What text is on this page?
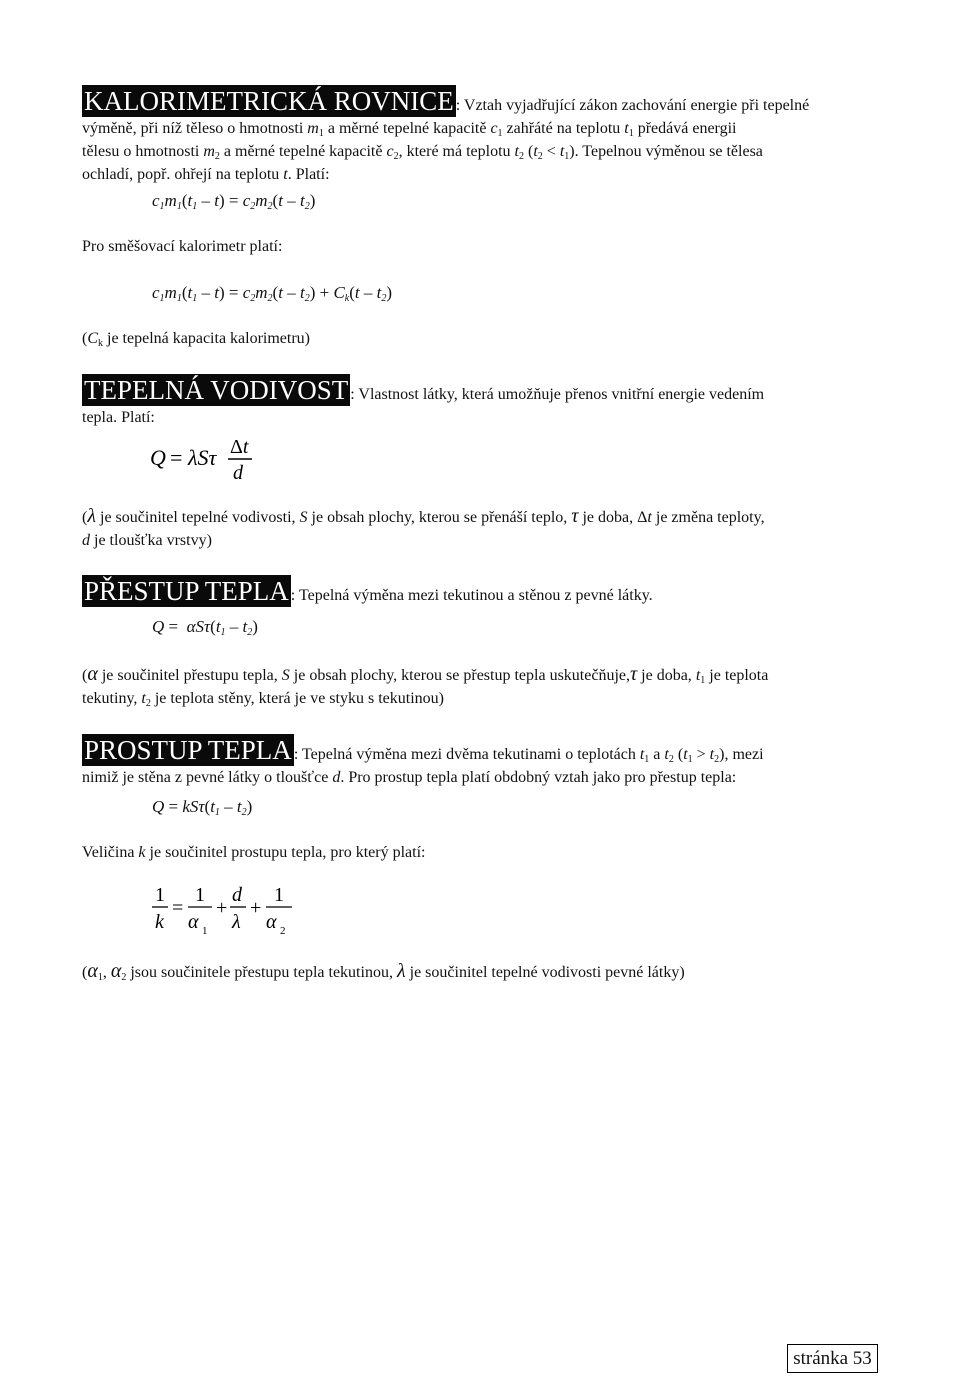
KALORIMETRICKÁ ROVNICE : Vztah vyjadřující zákon zachování energie při tepelné
výměně, při níž těleso o hmotnosti $m_1$ a měrné tepelné kapacitě $c_1$ zahřáté na teplotu $t_1$ předává energii
tělesu o hmotnosti $m_2$ a měrné tepelné kapacitě $c_2$, které má teplotu $t_2$ $(t_2 < t_1)$. Tepelnou výměnou se tělesa
ochladí, popř. ohřejí na teplotu t. Platí:
$c_1m_1(t_1 - t) = c_2m_2(t - t_2)$
Pro směšovací kalorimetr platí:
$c_1m_1(t_1 - t) = c_2m_2(t - t_2) + C_k(t - t_2)$
($C_k$ je tepelná kapacita kalorimetru)
TEPELNÁ VODIVOST : Vlastnost látky, která umožňuje přenos vnitřní energie vedením
tepla. Platí:
Q = λSτ Δt
d
(λ je součinitel tepelné vodivosti, S je obsah plochy, kterou se přenáší teplo, τ je doba, Δt je změna teploty,
d je tloušťka vrstvy)
PŘESTUP TEPLA : Tepelná výměna mezi tekutinou a stěnou z pevné látky.
$Q = \alpha S\tau(t_1 - t_2)$
(α je součinitel přestupu tepla, S je obsah plochy, kterou se přestup tepla uskutečňuje,τ je doba, $t_1$ je teplota
tekutiny, $t_2$ je teplota stěny, která je ve styku s tekutinou)
PROSTUP TEPLA : Tepelná výměna mezi dvěma tekutinami o teplotách $t_1$ a $t_2$ $(t_1 > t_2)$, mezi
nimiž je stěna z pevné látky o tloušťce d. Pro prostup tepla platí obdobný vztah jako pro přestup tepla:
$Q = kS\tau(t_1 - t_2)$
Veličina k je součinitel prostupu tepla, pro který platí:
1
k
=
1
α 1
+
d
λ
+
1
α 2
($\alpha_1$, $\alpha_2$ jsou součinitele přestupu tepla tekutinou, λ je součinitel tepelné vodivosti pevné látky)
stránka 53
